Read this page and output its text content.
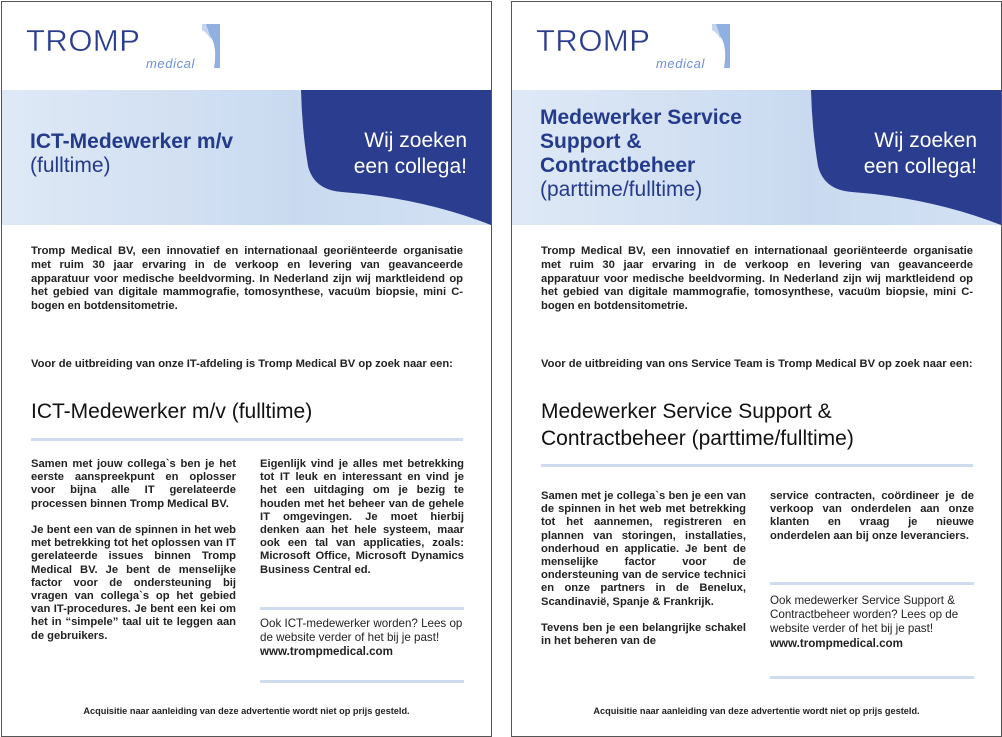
TROMP
medical
ICT-Medewerker m/v
(fulltime)
Wij zoeken
een collega!
Tromp Medical BV, een innovatief en internationaal georiënteerde organisatie met ruim 30 jaar ervaring in de verkoop en levering van geavanceerde apparatuur voor medische beeldvorming. In Nederland zijn wij marktleidend op het gebied van digitale mammografie, tomosynthese, vacuüm biopsie, mini C-bogen en botdensitometrie.
Voor de uitbreiding van onze IT-afdeling is Tromp Medical BV op zoek naar een:
ICT-Medewerker m/v (fulltime)
Samen met jouw collega`s ben je het eerste aanspreekpunt en oplosser voor bijna alle IT gerelateerde processen binnen Tromp Medical BV.

Je bent een van de spinnen in het web met betrekking tot het oplossen van IT gerelateerde issues binnen Tromp Medical BV. Je bent de menselijke factor voor de ondersteuning bij vragen van collega`s op het gebied van IT-procedures. Je bent een kei om het in “simpele” taal uit te leggen aan de gebruikers.
Eigenlijk vind je alles met betrekking tot IT leuk en interessant en vind je het een uitdaging om je bezig te houden met het beheer van de gehele IT omgevingen. Je moet hierbij denken aan het hele systeem, maar ook een tal van applicaties, zoals: Microsoft Office, Microsoft Dynamics Business Central ed.
Ook ICT-medewerker worden? Lees op de website verder of het bij je past!
www.trompmedical.com
Acquisitie naar aanleiding van deze advertentie wordt niet op prijs gesteld.
TROMP
medical
Medewerker Service Support & Contractbeheer
(parttime/fulltime)
Wij zoeken
een collega!
Tromp Medical BV, een innovatief en internationaal georiënteerde organisatie met ruim 30 jaar ervaring in de verkoop en levering van geavanceerde apparatuur voor medische beeldvorming. In Nederland zijn wij marktleidend op het gebied van digitale mammografie, tomosynthese, vacuüm biopsie, mini C-bogen en botdensitometrie.
Voor de uitbreiding van ons Service Team is Tromp Medical BV op zoek naar een:
Medewerker Service Support & Contractbeheer (parttime/fulltime)
Samen met je collega`s ben je een van de spinnen in het web met betrekking tot het aannemen, registreren en plannen van storingen, installaties, onderhoud en applicatie. Je bent de menselijke factor voor de ondersteuning van de service technici en onze partners in de Benelux, Scandinavië, Spanje & Frankrijk.

Tevens ben je een belangrijke schakel in het beheren van de
service contracten, coördineer je de verkoop van onderdelen aan onze klanten en vraag je nieuwe onderdelen aan bij onze leveranciers.
Ook medewerker Service Support & Contractbeheer worden? Lees op de website verder of het bij je past!
www.trompmedical.com
Acquisitie naar aanleiding van deze advertentie wordt niet op prijs gesteld.
